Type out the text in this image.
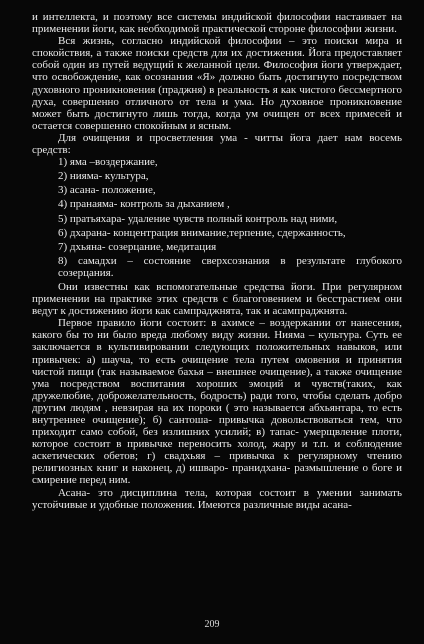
и интеллекта, и поэтому все системы индийской философии настаивает на применении йоги, как необходимой практической стороне философии жизни.

Вся жизнь, согласно индийской философии – это поиски мира и спокойствия, а также поиски средств для их достижения. Йога предоставляет собой один из путей ведущий к желанной цели. Философия йоги утверждает, что освобождение, как осознания «Я» должно быть достигнуто посредством духовного проникновения (праджня) в реальность я как чистого бессмертного духа, совершенно отличного от тела и ума. Но духовное проникновение может быть достигнуто лишь тогда, когда ум очищен от всех примесей и остается совершенно спокойным и ясным.

Для очищения и просветления ума - читты йога дает нам восемь средств:

1) яма –воздержание,

2) нияма- культура,

3) асана- положение,

4) пранаяма- контроль за дыханием ,

5) пратьяхара- удаление чувств полный контроль над ними,

6) дхарана- концентрация внимание,терпение, сдержанность,

7) дхьяна- созерцание, медитация

8) самадхи – состояние сверхсознания в результате глубокого созерцания.

Они известны как вспомогательные средства йоги. При регулярном применении на практике этих средств с благоговением и бесстрастием они ведут к достижению йоги как сампраджнята, так и асампраджнята.

Первое правило йоги состоит: в ахимсе – воздержании от нанесения, какого бы то ни было вреда любому виду жизни. Нияма – культура. Суть ее заключается в культивировании следующих положительных навыков, или привычек: а) шауча, то есть очищение тела путем омовения и принятия чистой пищи (так называемое бахья – внешнее очищение), а также очищение ума посредством воспитания хороших эмоций и чувств(таких, как дружелюбие, доброжелательность, бодрость) ради того, чтобы сделать добро другим людям , невзирая на их пороки ( это называется абхьянтара, то есть внутреннее очищение); б) сантоша- привычка довольствоваться тем, что приходит само собой, без излишних усилий; в) тапас- умерщвление плоти, которое состоит в привычке переносить холод, жару и т.п. и соблюдение аскетических обетов; г) свадхьяя – привычка к регулярному чтению религиозных книг и наконец, д) ишваро- пранидхана- размышление о боге и смирение перед ним.

Асана- это дисциплина тела, которая состоит в умении занимать устойчивые и удобные положения. Имеются различные виды асана-

209
